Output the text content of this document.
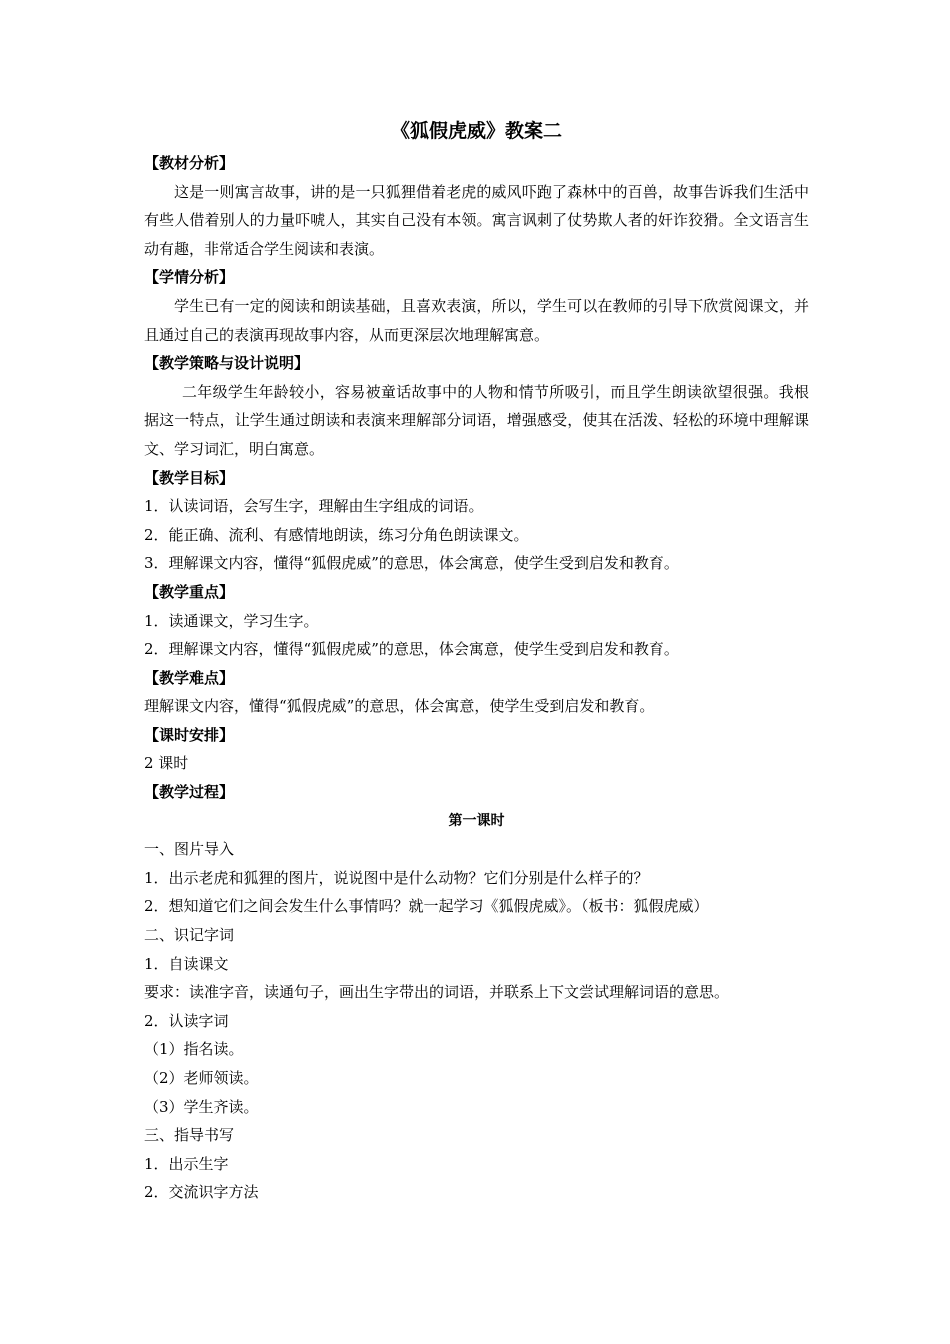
《狐假虎威》教案二
【教材分析】

这是一则寓言故事，讲的是一只狐狸借着老虎的威风吓跑了森林中的百兽，故事告诉我们生活中有些人借着别人的力量吓唬人，其实自己没有本领。寓言讽刺了仗势欺人者的奸诈狡猾。全文语言生动有趣，非常适合学生阅读和表演。

【学情分析】

学生已有一定的阅读和朗读基础，且喜欢表演，所以，学生可以在教师的引导下欣赏阅课文，并且通过自己的表演再现故事内容，从而更深层次地理解寓意。

【教学策略与设计说明】

二年级学生年龄较小，容易被童话故事中的人物和情节所吸引，而且学生朗读欲望很强。我根据这一特点，让学生通过朗读和表演来理解部分词语，增强感受，使其在活泼、轻松的环境中理解课文、学习词汇，明白寓意。

【教学目标】
1．认读词语，会写生字，理解由生字组成的词语。
2．能正确、流利、有感情地朗读，练习分角色朗读课文。
3．理解课文内容，懂得“狐假虎威”的意思，体会寓意，使学生受到启发和教育。
【教学重点】
1．读通课文，学习生字。
2．理解课文内容，懂得“狐假虎威”的意思，体会寓意，使学生受到启发和教育。
【教学难点】
理解课文内容，懂得“狐假虎威”的意思，体会寓意，使学生受到启发和教育。
【课时安排】
2 课时
【教学过程】
第一课时
一、图片导入
1．出示老虎和狐狸的图片，说说图中是什么动物？它们分别是什么样子的？
2．想知道它们之间会发生什么事情吗？就一起学习《狐假虎威》。（板书：狐假虎威）
二、识记字词
1．自读课文
要求：读准字音，读通句子，画出生字带出的词语，并联系上下文尝试理解词语的意思。
2．认读字词
（1）指名读。
（2）老师领读。
（3）学生齐读。
三、指导书写
1．出示生字
2．交流识字方法
